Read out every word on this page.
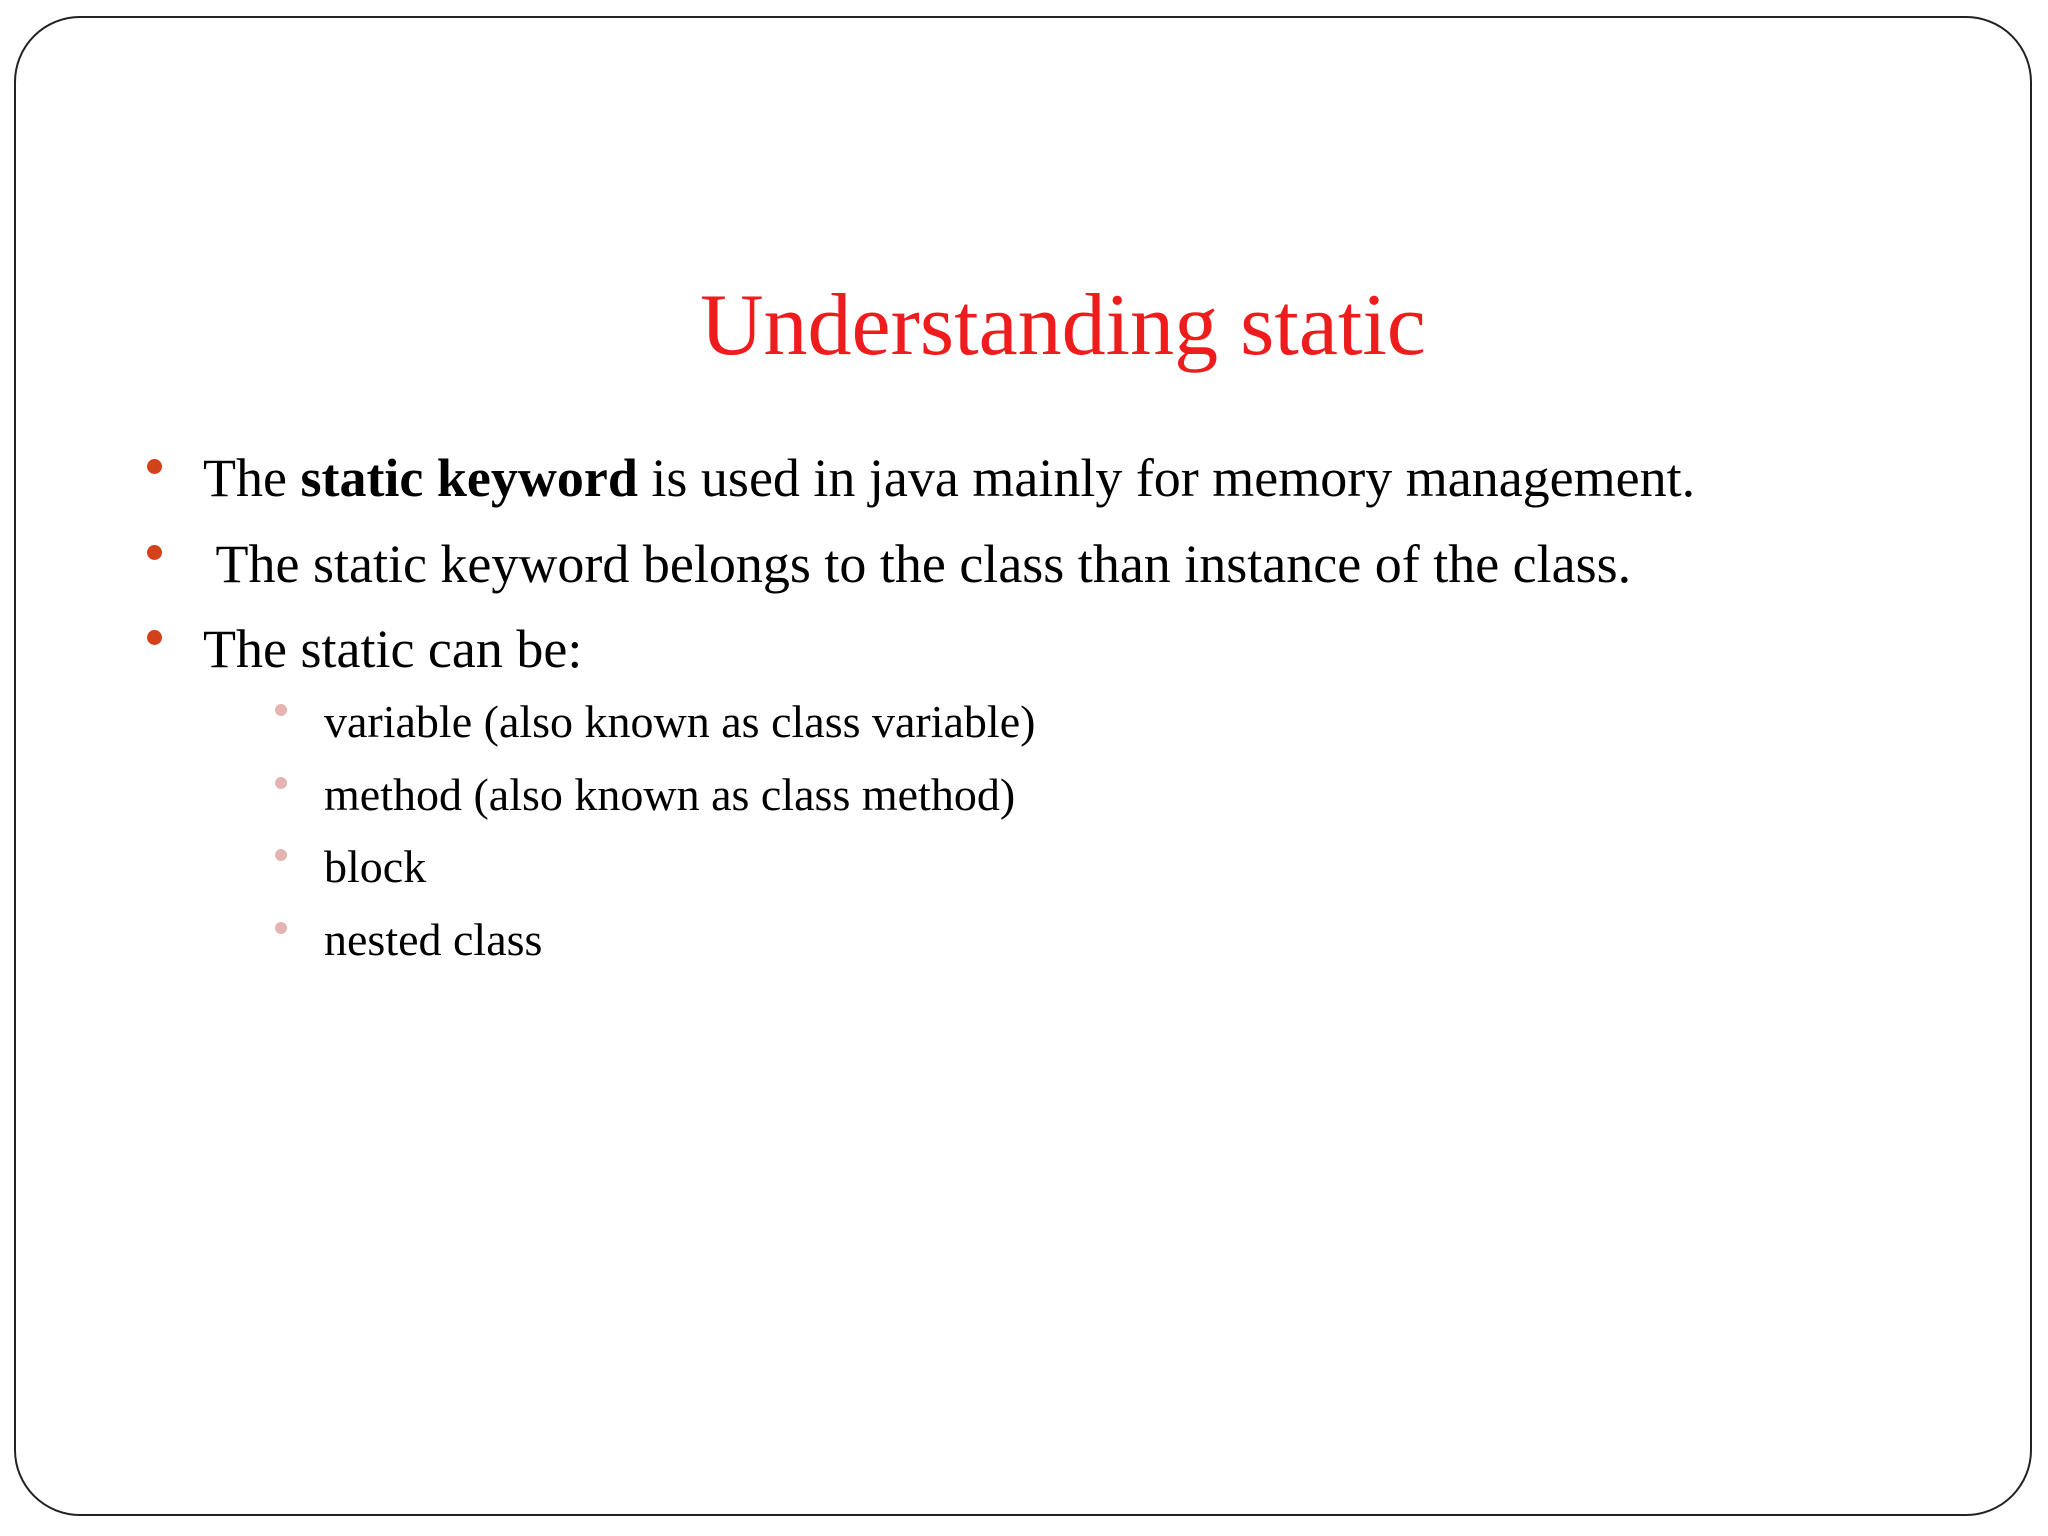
Understanding static
The static keyword is used in java mainly for memory management.
The static keyword belongs to the class than instance of the class.
The static can be:
variable (also known as class variable)
method (also known as class method)
block
nested class
